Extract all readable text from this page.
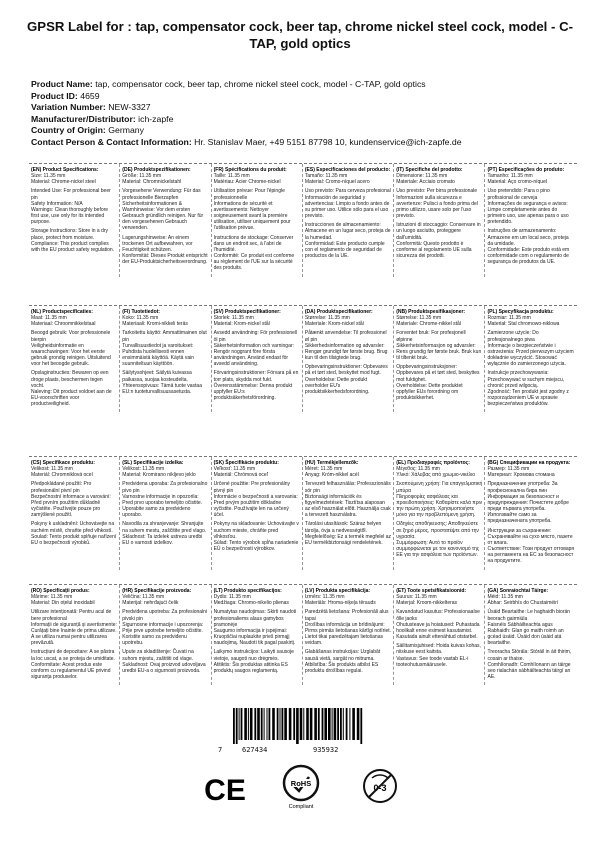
GPSR Label for : tap, compensator cock, beer tap, chrome nickel steel cock, model - C-TAP, gold optics
Product Name: tap, compensator cock, beer tap, chrome nickel steel cock, model - C-TAP, gold optics
Product ID: 4659
Variation Number: NEW-3327
Manufacturer/Distributor: ich-zapfe
Country of Origin: Germany
Contact Person & Contact Information: Hr. Stanislav Maer, +49 5151 87798 10, kundenservice@ich-zapfe.de
(EN) Product Specifications:

Size: 11.35 mm
Material: Chrome-nickel steel

Intended Use: For professional beer pin
Safety Information: N/A
Warnings: Clean thoroughly before first use, use only for its intended purpose.

Storage Instructions: Store in a dry place, protect from moisture.
Compliance: This product complies with the EU product safety regulation.

(DE) Produktspezifikationen:

Größe: 11.35 mm
Material: Chromnickelstahl

Vorgesehene Verwendung: Für das professionelle Bierzapfen
Sicherheitsinformationen & Warnhinweise: Vor dem ersten Gebrauch gründlich reinigen. Nur für den vorgesehenen Gebrauch verwenden.

Lagerungshinweise: An einem trockenen Ort aufbewahren, vor Feuchtigkeit schützen.
Konformität: Dieses Produkt entspricht der EU-Produktsicherheitsverordnung.

(FR) Spécifications du produit:

Taille: 11.35 mm
Matériau: Acier Chrome-nickel

Utilisation prévue: Pour l'épingle professionnelle
Informations de sécurité et avertissements: Nettoyer soigneusement avant la première utilisation, utiliser uniquement pour l'utilisation prévue.

Instructions de stockage: Conserver dans un endroit sec, à l'abri de l'humidité.
Conformité: Ce produit est conforme au règlement de l'UE sur la sécurité des produits.

(ES) Especificaciones del producto:

Tamaño: 11.35 mm
Material: Cromo-níquel acero

Uso previsto: Para cerveza profesional
Información de seguridad y advertencias: Limpio a fondo antes de su primer uso. Utilice sólo para el uso previsto.

Instrucciones de almacenamiento: Almacene en un lugar seco, proteja de la humedad.
Conformidad: Este producto cumple con el reglamento de seguridad de productos de la UE.

(IT) Specifiche del prodotto:

Dimensione: 11.35 mm
Materiale: Acciaio cromato

Uso previsto: Per birra professionale
Informazioni sulla sicurezza e avvertenze: Pulisci a fondo prima del primo utilizzo, usare solo per l'uso previsto.

Istruzioni di stoccaggio: Conservare in un luogo asciutto, proteggere dall'umidità.
Conformità: Questo prodotto è conforme al regolamento UE sulla sicurezza dei prodotti.

(PT) Especificações do produto:

Tamanho: 11.35 mm
Material: Aço cromo-níquel

Uso pretendido: Para o pino profissional de cerveja
Informações de segurança e avisos: Limpe completamente antes do primeiro uso, use apenas para o uso pretendido.

Instruções de armazenamento: Armazene em um local seco, proteja da umidade.
Conformidade: Este produto está em conformidade com o regulamento de segurança de produtos da UE.

(NL) Productspecificaties:

Maat: 11.35 mm
Materiaal: Chroomnikkelstaal

Beoogd gebruik: Voor professionele bierpin
Veiligheidsinformatie en waarschuwingen: Voor het eerste gebruik grondig reinigen. Uitsluitend voor het beoogde gebruik.

Opslaginstructies: Bewaren op een droge plaats, beschermen tegen vocht.
Naleving: Dit product voldoet aan de EU-voorschriften voor productveiligheid.

(FI) Tuotetiedot:

Koko: 11.35 mm
Materiaali: Kromi-nikkeli teräs

Tarkoitettu käyttö: Ammattimainen olut pin
Turvallisuustiedot ja varoitukset: Puhdista huolellisesti ennen ensimmäistä käyttöä. Käytä vain suunniteltuun käyttöön.

Säilytysohjeet: Säilytä kuivassa paikassa, suojaa kosteudelta.
Yhteensopivuus: Tämä tuote vastaa EU:n tuoteturvallisuusasetusta.

(SV) Produktspecifikationer:

Storlek: 11.35 mm
Material: Krom-nickel stål

Avsedd användning: För professionell öl pin
Säkerhetsinformation och varningar: Rengör noggrant före första användningen. Använd endast för avsedd användning.

Förvaringsinstruktioner: Förvara på en torr plats, skydda mot fukt.
Överensstämmelse: Denna produkt uppfyller EU:s produktsäkerhetsförordning.

(DA) Produktspecifikationer:

Størrelse: 11.35 mm
Materiale: Krom-nickel stål

Påtænkt anvendelse: Til professionel øl pin
Sikkerhedsinformation og advarsler: Rengør grundigt før første brug. Brug kun til den tilsigtede brug.

Opbevaringsinstruktioner: Opbevares på et tørt sted, beskyttet mod fugt.
Overholdelse: Dette produkt overholder EU's produktsikkerhedsforordning.

(NB) Produktspesifikasjoner:

Størrelse: 11.35 mm
Materiale: Chrome-nikkel stål

Forventet bruk: For profesjonell ølpinne
Sikkerhetsinformasjon og advarsler: Rens grundig før første bruk. Bruk kun til tiltenkt bruk.

Oppbevaringsinstruksjoner: Oppbevares på et tørt sted, beskyttes mot fuktighet.
Overholdelse: Dette produktet oppfyller EUs forordning om produktsikkerhet.

(PL) Specyfikacja produktu:

Rozmiar: 11.35 mm
Materiał: Stal chromowo-niklowa

Zamierzone użycie: Do profesjonalnego piwa
Informacje o bezpieczeństwie i ostrzeżenia: Przed pierwszym użyciem dokładnie wyczyścić. Stosować wyłącznie do zamierzonego użycia.

Instrukcje przechowywania: Przechowywać w suchym miejscu, chronić przed wilgocią.
Zgodność: Ten produkt jest zgodny z rozporządzeniem UE w sprawie bezpieczeństwa produktów.

(CS) Specifikace produktu:

Velikost: 11.35 mm
Materiál: Chromniklová ocel

Předpokládané použití: Pro profesionální pivní pin
Bezpečnostní informace a varování: Před prvním použitím důkladně vyčistěte. Používejte pouze pro zamýšlené použití.

Pokyny k uskladnění: Uchovávejte na suchém místě, chraňte před vlhkostí.
Soulad: Tento produkt splňuje nařízení EU o bezpečnosti výrobků.

(SL) Specifikacije izdelka:

Velikost: 11.35 mm
Material: Kromirano nikljevo jeklo

Predvidena uporaba: Za profesionalno pivo pin
Varnostne informacije in opozorila: Pred prvo uporabo temeljito očistite. Uporabite samo za predvideno uporabo.

Navodila za shranjevanje: Shranjujte na suhem mestu, zaščitite pred vlago.
Skladnost: Ta izdelek ustreza uredbi EU o varnosti izdelkov.

(SK) Špecifikácie produktu:

Veľkosť: 11.35 mm
Materiál: Chrómová oceľ

Určené použitie: Pre profesionálny pivný pin
Informácie o bezpečnosti a varovania: Pred prvým použitím dôkladne vyčistite. Používajte len na určený účel.

Pokyny na skladovanie: Uchovávajte v suchom mieste, chráňte pred vlhkosťou.
Súlad: Tento výrobok spĺňa nariadenie EÚ o bezpečnosti výrobkov.

(HU) Termékjellemzők:

Méret: 11.35 mm
Anyag: Króm-nikkel acél

Tervezett felhasználás: Professzionális sör pin
Biztonsági információk és figyelmeztetések: Tisztítsa alaposan az első használat előtt. Használja csak a tervezett használatra.

Tárolási utasítások: Száraz helyen tárolja, óvja a nedvességtől.
Megfelelőség: Ez a termék megfelel az EU termékbiztonsági rendeletének.

(EL) Προδιαγραφές προϊόντος:

Μέγεθος: 11.35 mm
Υλικό: Χάλυβας από χρωμιο-νικέλιο

Σκοπούμενη χρήση: Για επαγγελματική μπύρα
Πληροφορίες ασφάλειας και προειδοποιήσεις: Καθαρίστε καλά πριν την πρώτη χρήση. Χρησιμοποιήστε μόνο για την προβλεπόμενη χρήση.

Οδηγίες αποθήκευσης: Αποθηκεύστε σε ξηρό μέρος, προστατέψτε από την υγρασία.
Συμμόρφωση: Αυτό το προϊόν συμμορφώνεται με τον κανονισμό της ΕΕ για την ασφάλεια των προϊόντων.

(BG) Спецификации на продукта:

Размер: 11.35 mm
Материал: Хромова стомана

Предназначение употреба: За професионална бира пин
Информация за безопасност и предупреждения: Почистете добре преди първата употреба. Използвайте само за предназначената употреба.

Инструкции за съхранение: Съхранявайте на сухо място, пазете от влага.
Съответствие: Този продукт отговаря на регламента на ЕС за безопасност на продуктите.

(RO) Specificații produs:

Mărime: 11.35 mm
Material: Din oțelul inoxidabil

Utilizare intenționată: Pentru acul de bere profesional
Informații de siguranță și avertismente: Curățați bine înainte de prima utilizare. A se utiliza numai pentru utilizarea prevăzută.

Instrucțiuni de depozitare: A se păstra la loc uscat, a se proteja de umiditate.
Conformitate: Acest produs este conform cu regulamentul UE privind siguranța produselor.

(HR) Specifikacije proizvoda:

Veličina: 11.35 mm
Materijal: nehrđajući čelik

Predviđena upotreba: Za profesionalni pivski pin
Sigurnosne informacije i upozorenja: Prije prve upotrebe temeljito očistite. Koristite samo za predviđenu upotrebu.

Upute za skladištenje: Čuvati na suhom mjestu, zaštititi od vlage.
Sukladnost: Ovaj proizvod udovoljava uredbi EU-a o sigurnosti proizvoda.

(LT) Produkto specifikacijos:

Dydis: 11.35 mm
Medžiaga: Chromo-nikelio plienas

Numatytas naudojimas: Skirti naudoti profesionaliems alaus gamybos pramonėje
Saugumo informacija ir įspėjimai: Kruopščiai nuplaukite prieš pirmąjį naudojimą. Naudoti tik pagal paskirtį.

Laikymo instrukcijos: Laikyti sausoje vietoje, saugoti nuo drėgmės.
Atitiktis: Šis produktas atitinka ES produktų saugos reglamentą.

(LV) Produkta specifikācija:

Izmērs: 11.35 mm
Materiāls: Hroma-niķeļa tērauds

Paredzētā lietošana: Profesionāli alus tapai
Drošības informācija un brīdinājumi: Pirms pirmās lietošanas kārtīgi notīriet. Lietot tikai paredzētajam lietošanas veidam.

Glabāšanas instrukcijas: Uzglabāt sausā vietā, sargāt no mitruma.
Atbilstība: Šis produkts atbilst ES produktu drošības regulai.

(ET) Toote spetsifikatsioonid:

Suurus: 11.35 mm
Materjal: Kroom-nikkelteras

Kavandatud kasutus: Professionaalse õlle jaoks
Ohutusteave ja hoiatused: Puhastada hoolikalt enne esimest kasutamist. Kasutada ainult ettenähtud otstarbel.

Säilitamisjuhised: Hoida kuivas kohas, niiskuse eest kaitsta.
Vastavus: See toode vastab EL-i tooteohutusmäärusele.

(GA) Sonraíochtaí Táirge:

Méid: 11.35 mm
Ábhar: Seirbhís do Chustaiméirí

Úsáid Beartaithe: Le haghaidh biorán beorach gairmiúla
Faisnéis Sábháilteachta agus Rabhaidh: Glan go maith roimh an gcéad úsáid. Úsáid don úsáid atá beartaithe.

Treoracha Stórála: Stóráil in áit thirim, cosain ar thaise.
Comhlíonadh: Comhlíonann an táirge seo rialachán sábháilteachta táirgí an AE.

7	627434	935932
CE	RoHS
Compliant
0-3
